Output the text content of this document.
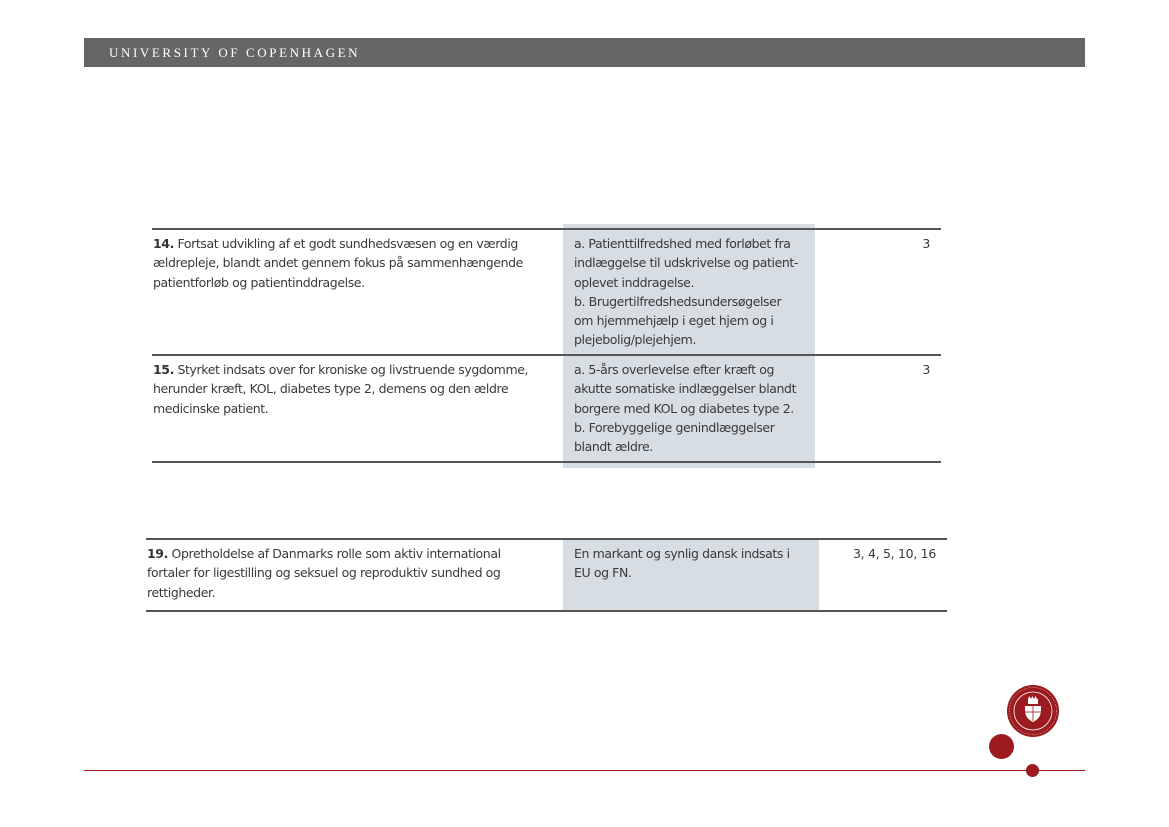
UNIVERSITY OF COPENHAGEN
14. Fortsat udvikling af et godt sundhedsvæsen og en værdig
ældrepleje, blandt andet gennem fokus på sammenhængende
patientforløb og patientinddragelse.
a. Patienttilfredshed med forløbet fra
indlæggelse til udskrivelse og patient-
oplevet inddragelse.
b. Brugertilfredshedsundersøgelser
om hjemmehjælp i eget hjem og i
plejebolig/plejehjem.
3
15. Styrket indsats over for kroniske og livstruende sygdomme,
herunder kræft, KOL, diabetes type 2, demens og den ældre
medicinske patient.
a. 5-års overlevelse efter kræft og
akutte somatiske indlæggelser blandt
borgere med KOL og diabetes type 2.
b. Forebyggelige genindlæggelser
blandt ældre.
3
19. Opretholdelse af Danmarks rolle som aktiv international
fortaler for ligestilling og seksuel og reproduktiv sundhed og
rettigheder.
En markant og synlig dansk indsats i
EU og FN.
3, 4, 5, 10, 16
